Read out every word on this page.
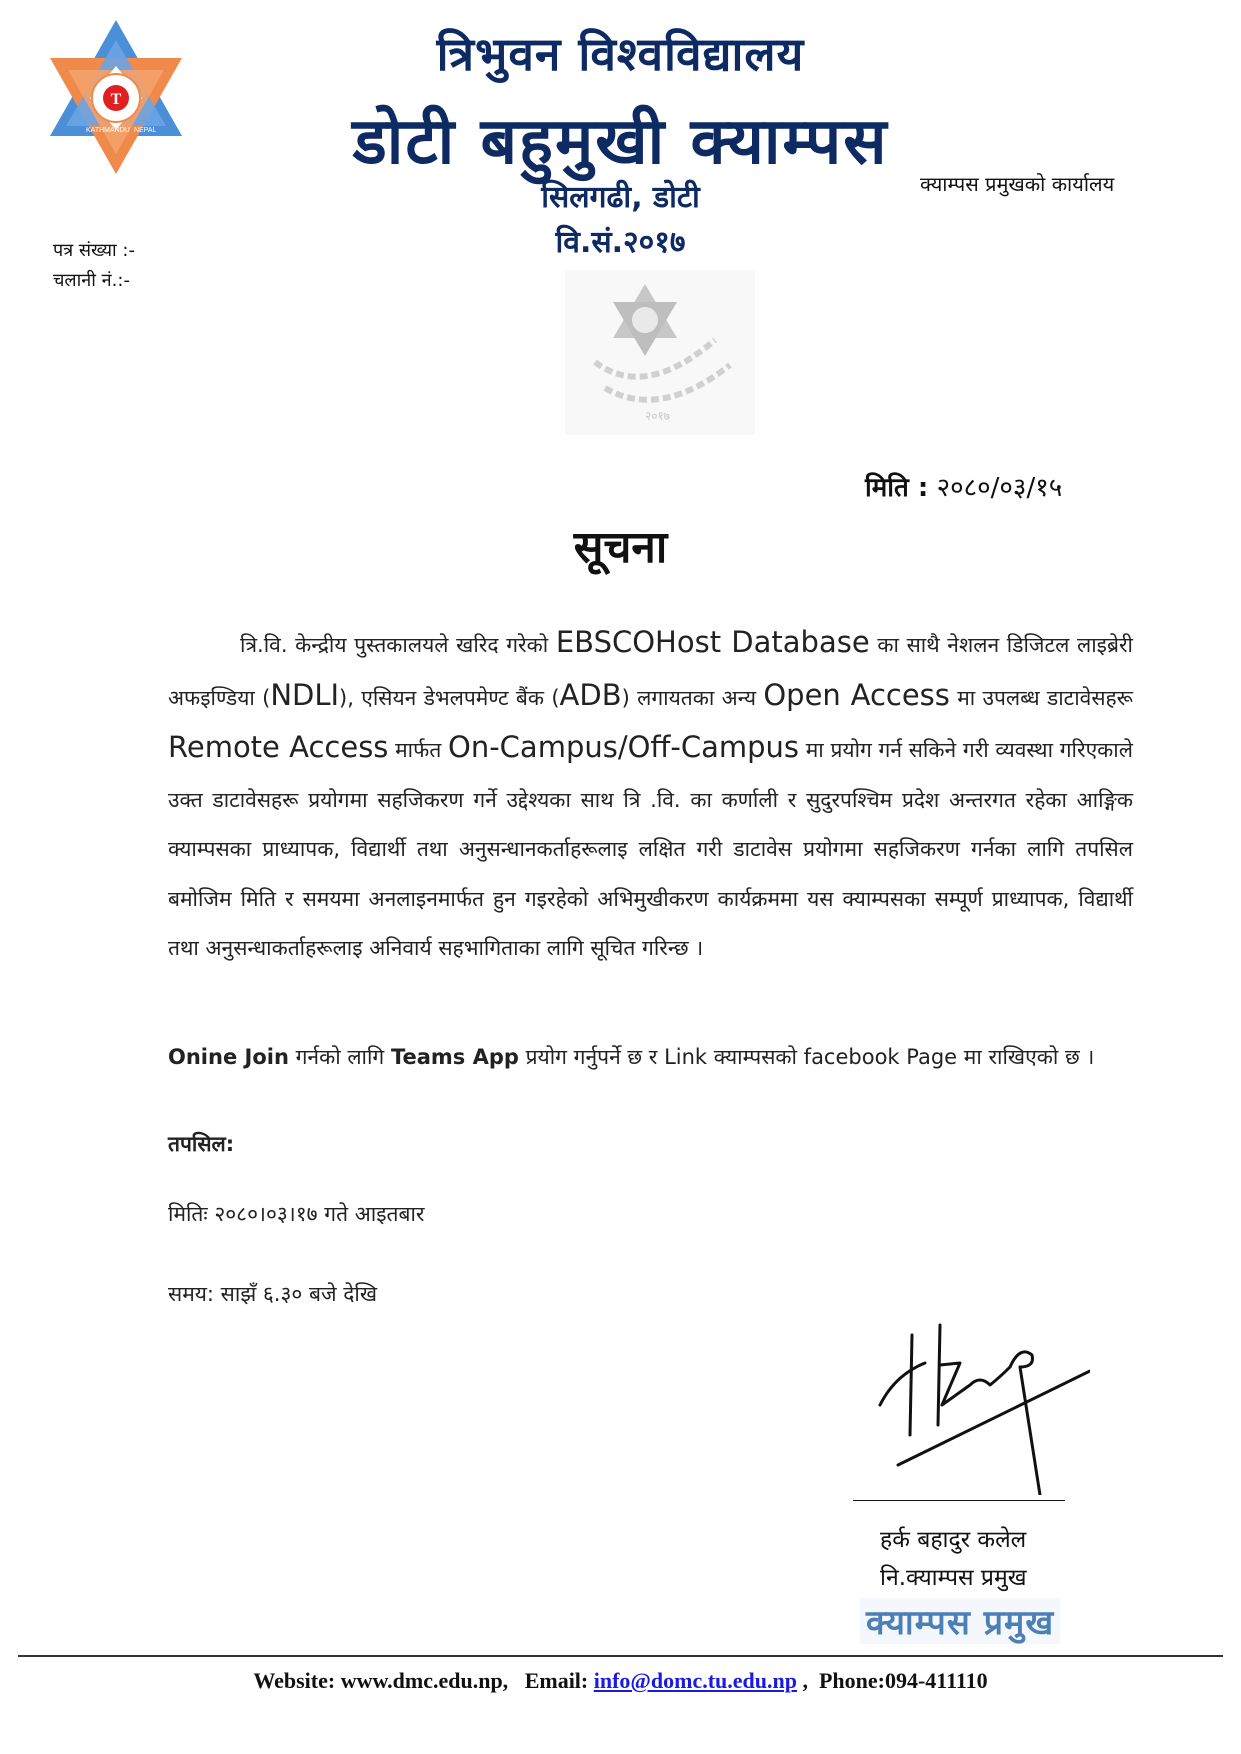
T
KATHMANDU NEPAL
त्रिभुवन विश्वविद्यालय
डोटी बहुमुखी क्याम्पस
सिलगढी, डोटी
वि.सं.२०१७
क्याम्पस प्रमुखको कार्यालय
पत्र संख्या :-
चलानी नं.:-
२०१७
मिति : २०८०/०३/१५
सूचना
त्रि.वि. केन्द्रीय पुस्तकालयले खरिद गरेको EBSCOHost Database का साथै नेशलन डिजिटल लाइब्रेरी अफइण्डिया (NDLI), एसियन डेभलपमेण्ट बैंक (ADB) लगायतका अन्य Open Access मा उपलब्ध डाटावेसहरू Remote Access मार्फत On-Campus/Off-Campus मा प्रयोग गर्न सकिने गरी व्यवस्था गरिएकाले उक्त डाटावेसहरू प्रयोगमा सहजिकरण गर्ने उद्देश्यका साथ त्रि .वि. का कर्णाली र सुदुरपश्चिम प्रदेश अन्तरगत रहेका आङ्गिक क्याम्पसका प्राध्यापक, विद्यार्थी तथा अनुसन्धानकर्ताहरूलाइ लक्षित गरी डाटावेस प्रयोगमा सहजिकरण गर्नका लागि तपसिल बमोजिम मिति र समयमा अनलाइनमार्फत हुन गइरहेको अभिमुखीकरण कार्यक्रममा यस क्याम्पसका सम्पूर्ण प्राध्यापक, विद्यार्थी तथा अनुसन्धाकर्ताहरूलाइ अनिवार्य सहभागिताका लागि सूचित गरिन्छ ।
Onine Join गर्नको लागि Teams App प्रयोग गर्नुपर्ने छ र Link क्याम्पसको facebook Page मा राखिएको छ ।
तपसिल:
मितिः २०८०।०३।१७ गते आइतबार
समय: साझँ ६.३० बजे देखि
हर्क बहादुर कलेल
नि.क्याम्पस प्रमुख
क्याम्पस प्रमुख
Website: www.dmc.edu.np, Email: info@domc.tu.edu.np , Phone:094-411110
